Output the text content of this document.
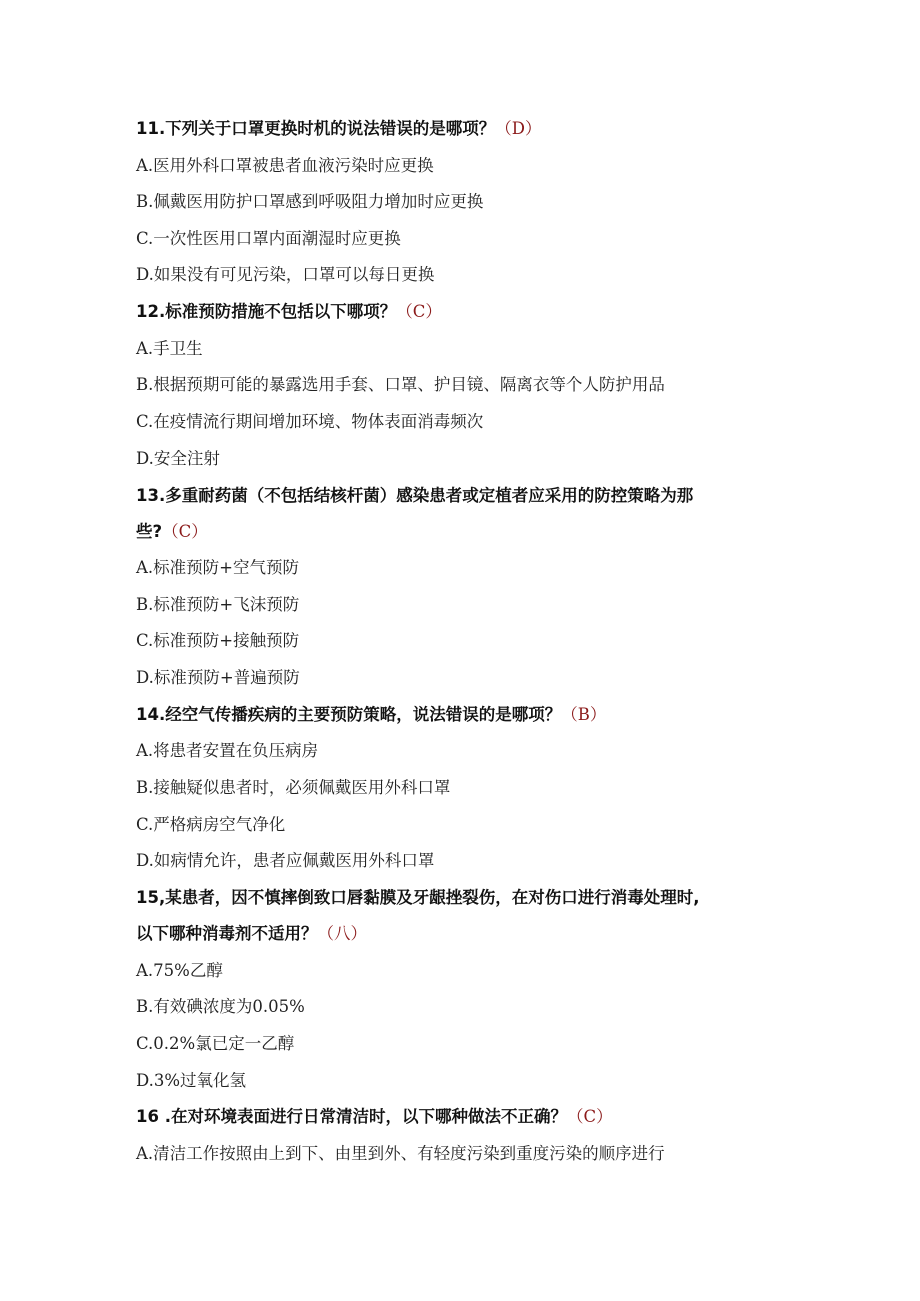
11.下列关于口罩更换时机的说法错误的是哪项？（D）
A.医用外科口罩被患者血液污染时应更换
B.佩戴医用防护口罩感到呼吸阻力增加时应更换
C.一次性医用口罩内面潮湿时应更换
D.如果没有可见污染，口罩可以每日更换
12.标准预防措施不包括以下哪项？（C）
A.手卫生
B.根据预期可能的暴露选用手套、口罩、护目镜、隔离衣等个人防护用品
C.在疫情流行期间增加环境、物体表面消毒频次
D.安全注射
13.多重耐药菌（不包括结核杆菌）感染患者或定植者应采用的防控策略为那
些?（C）
A.标准预防+空气预防
B.标准预防+飞沫预防
C.标准预防+接触预防
D.标准预防+普遍预防
14.经空气传播疾病的主要预防策略，说法错误的是哪项？（B）
A.将患者安置在负压病房
B.接触疑似患者时，必须佩戴医用外科口罩
C.严格病房空气净化
D.如病情允许，患者应佩戴医用外科口罩
15,某患者，因不慎摔倒致口唇黏膜及牙龈挫裂伤，在对伤口进行消毒处理时,
以下哪种消毒剂不适用？（八）
A.75%乙醇
B.有效碘浓度为0.05%
C.0.2%氯已定一乙醇
D.3%过氧化氢
16 .在对环境表面进行日常清洁时，以下哪种做法不正确？（C）
A.清洁工作按照由上到下、由里到外、有轻度污染到重度污染的顺序进行
